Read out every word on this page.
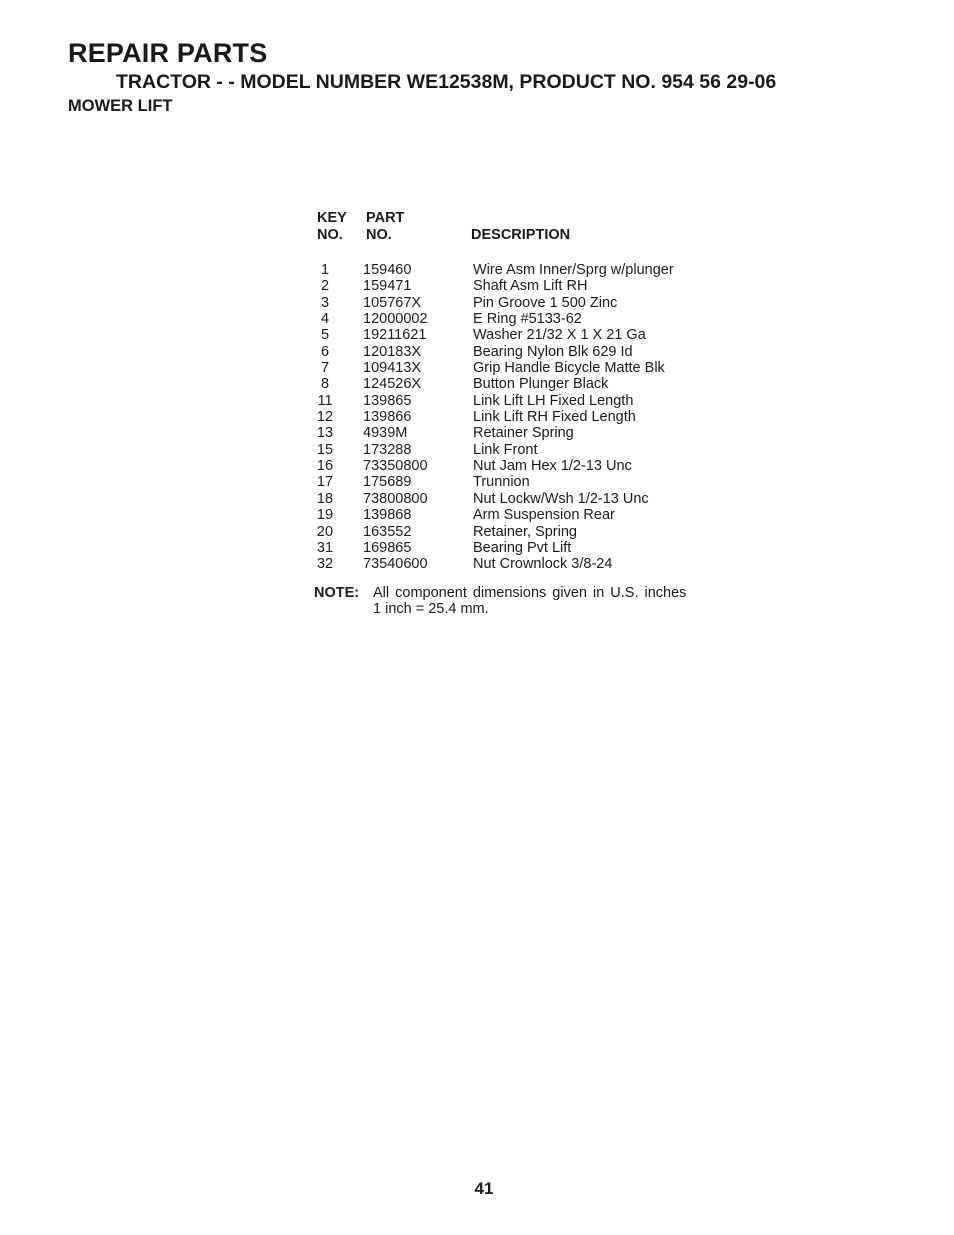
REPAIR PARTS
TRACTOR - - MODEL NUMBER WE12538M, PRODUCT NO. 954 56 29-06
MOWER LIFT
KEY
NO.
PART
NO.	DESCRIPTION
1	159460	Wire Asm Inner/Sprg w/plunger
2	159471	Shaft Asm Lift RH
3	105767X	Pin Groove 1 500 Zinc
4	12000002	E Ring #5133-62
5	19211621	Washer 21/32 X 1 X 21 Ga
6	120183X	Bearing Nylon Blk 629 Id
7	109413X	Grip Handle Bicycle Matte Blk
8	124526X	Button Plunger Black
11	139865	Link Lift LH Fixed Length
12	139866	Link Lift RH Fixed Length
13	4939M	Retainer Spring
15	173288	Link Front
16	73350800	Nut Jam Hex 1/2-13 Unc
17	175689	Trunnion
18	73800800	Nut Lockw/Wsh 1/2-13 Unc
19	139868	Arm Suspension Rear
20	163552	Retainer, Spring
31	169865	Bearing Pvt Lift
32	73540600	Nut Crownlock 3/8-24
NOTE: All component dimensions given in U.S. inches
1 inch = 25.4 mm.
41
